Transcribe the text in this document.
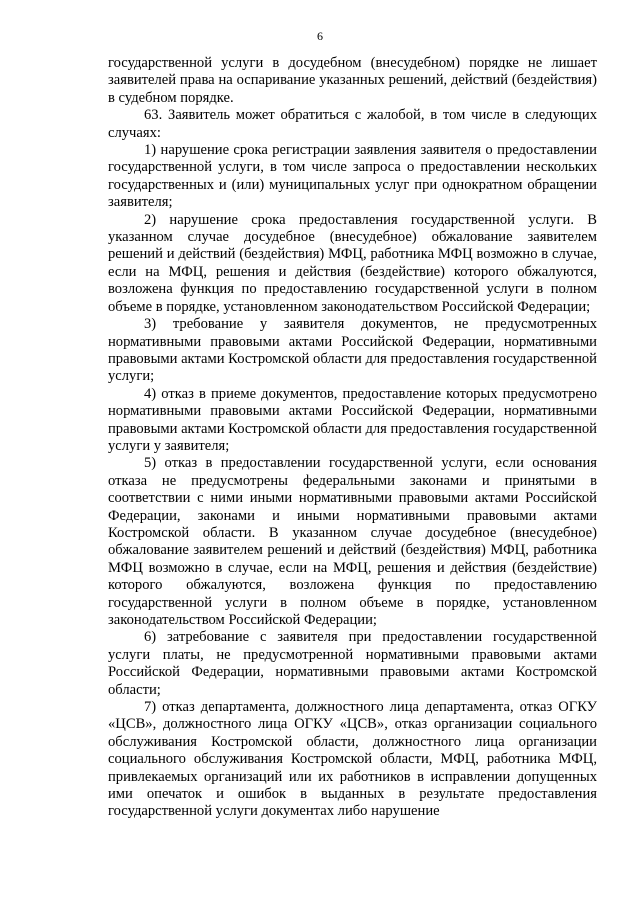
6

государственной услуги в досудебном (внесудебном) порядке не лишает заявителей права на оспаривание указанных решений, действий (бездействия) в судебном порядке.

63. Заявитель может обратиться с жалобой, в том числе в следующих случаях:

1) нарушение срока регистрации заявления заявителя о предоставлении государственной услуги, в том числе запроса о предоставлении нескольких государственных и (или) муниципальных услуг при однократном обращении заявителя;

2) нарушение срока предоставления государственной услуги. В указанном случае досудебное (внесудебное) обжалование заявителем решений и действий (бездействия) МФЦ, работника МФЦ возможно в случае, если на МФЦ, решения и действия (бездействие) которого обжалуются, возложена функция по предоставлению государственной услуги в полном объеме в порядке, установленном законодательством Российской Федерации;

3) требование у заявителя документов, не предусмотренных нормативными правовыми актами Российской Федерации, нормативными правовыми актами Костромской области для предоставления государственной услуги;

4) отказ в приеме документов, предоставление которых предусмотрено нормативными правовыми актами Российской Федерации, нормативными правовыми актами Костромской области для предоставления государственной услуги у заявителя;

5) отказ в предоставлении государственной услуги, если основания отказа не предусмотрены федеральными законами и принятыми в соответствии с ними иными нормативными правовыми актами Российской Федерации, законами и иными нормативными правовыми актами Костромской области. В указанном случае досудебное (внесудебное) обжалование заявителем решений и действий (бездействия) МФЦ, работника МФЦ возможно в случае, если на МФЦ, решения и действия (бездействие) которого обжалуются, возложена функция по предоставлению государственной услуги в полном объеме в порядке, установленном законодательством Российской Федерации;

6) затребование с заявителя при предоставлении государственной услуги платы, не предусмотренной нормативными правовыми актами Российской Федерации, нормативными правовыми актами Костромской области;

7) отказ департамента, должностного лица департамента, отказ ОГКУ «ЦСВ», должностного лица ОГКУ «ЦСВ», отказ организации социального обслуживания Костромской области, должностного лица организации социального обслуживания Костромской области, МФЦ, работника МФЦ, привлекаемых организаций или их работников в исправлении допущенных ими опечаток и ошибок в выданных в результате предоставления государственной услуги документах либо нарушение
